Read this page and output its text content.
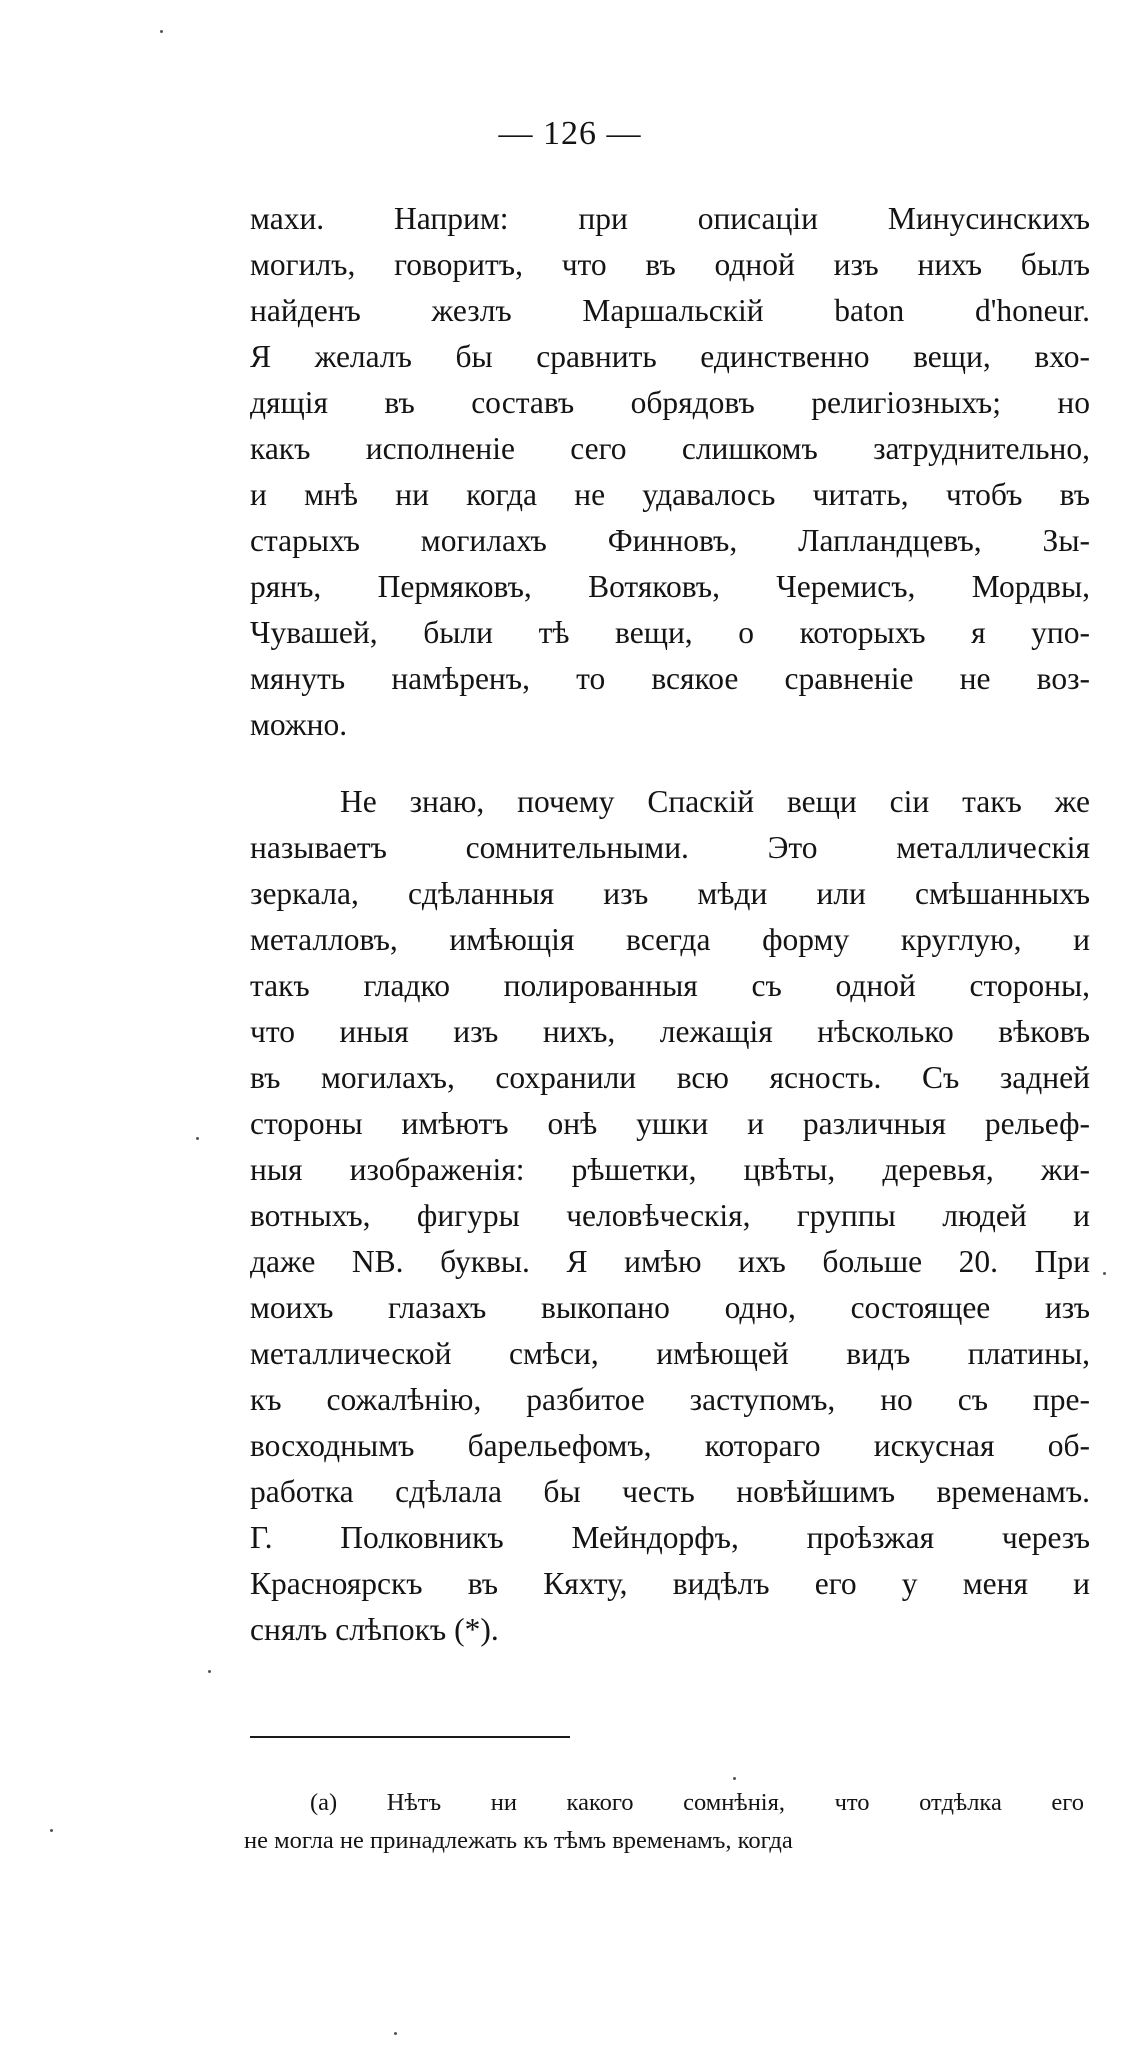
— 126 —
махи. Наприм: при описаціи Минусинскихъ
могилъ, говоритъ, что въ одной изъ нихъ былъ
найденъ жезлъ Маршальскій baton d'honeur.
Я желалъ бы сравнить единственно вещи, вхо-
дящія въ составъ обрядовъ религіозныхъ; но
какъ исполненіе сего слишкомъ затруднительно,
и мнѣ ни когда не удавалось читать, чтобъ въ
старыхъ могилахъ Финновъ, Лапландцевъ, Зы-
рянъ, Пермяковъ, Вотяковъ, Черемисъ, Мордвы,
Чувашей, были тѣ вещи, о которыхъ я упо-
мянуть намѣренъ, то всякое сравненіе не воз-
можно.
Не знаю, почему Спаскій вещи сіи такъ же
называетъ сомнительными. Это металлическія
зеркала, сдѣланныя изъ мѣди или смѣшанныхъ
металловъ, имѣющія всегда форму круглую, и
такъ гладко полированныя съ одной стороны,
что иныя изъ нихъ, лежащія нѣсколько вѣковъ
въ могилахъ, сохранили всю ясность. Съ задней
стороны имѣютъ онѣ ушки и различныя рельеф-
ныя изображенія: рѣшетки, цвѣты, деревья, жи-
вотныхъ, фигуры человѣческія, группы людей и
даже NB. буквы. Я имѣю ихъ больше 20. При
моихъ глазахъ выкопано одно, состоящее изъ
металлической смѣси, имѣющей видъ платины,
къ сожалѣнію, разбитое заступомъ, но съ пре-
восходнымъ барельефомъ, котораго искусная об-
работка сдѣлала бы честь новѣйшимъ временамъ.
Г. Полковникъ Мейндорфъ, проѣзжая черезъ
Красноярскъ въ Кяхту, видѣлъ его у меня и
снялъ слѣпокъ (*).
(а) Нѣтъ ни какого сомнѣнія, что отдѣлка его
не могла не принадлежать къ тѣмъ временамъ, когда
